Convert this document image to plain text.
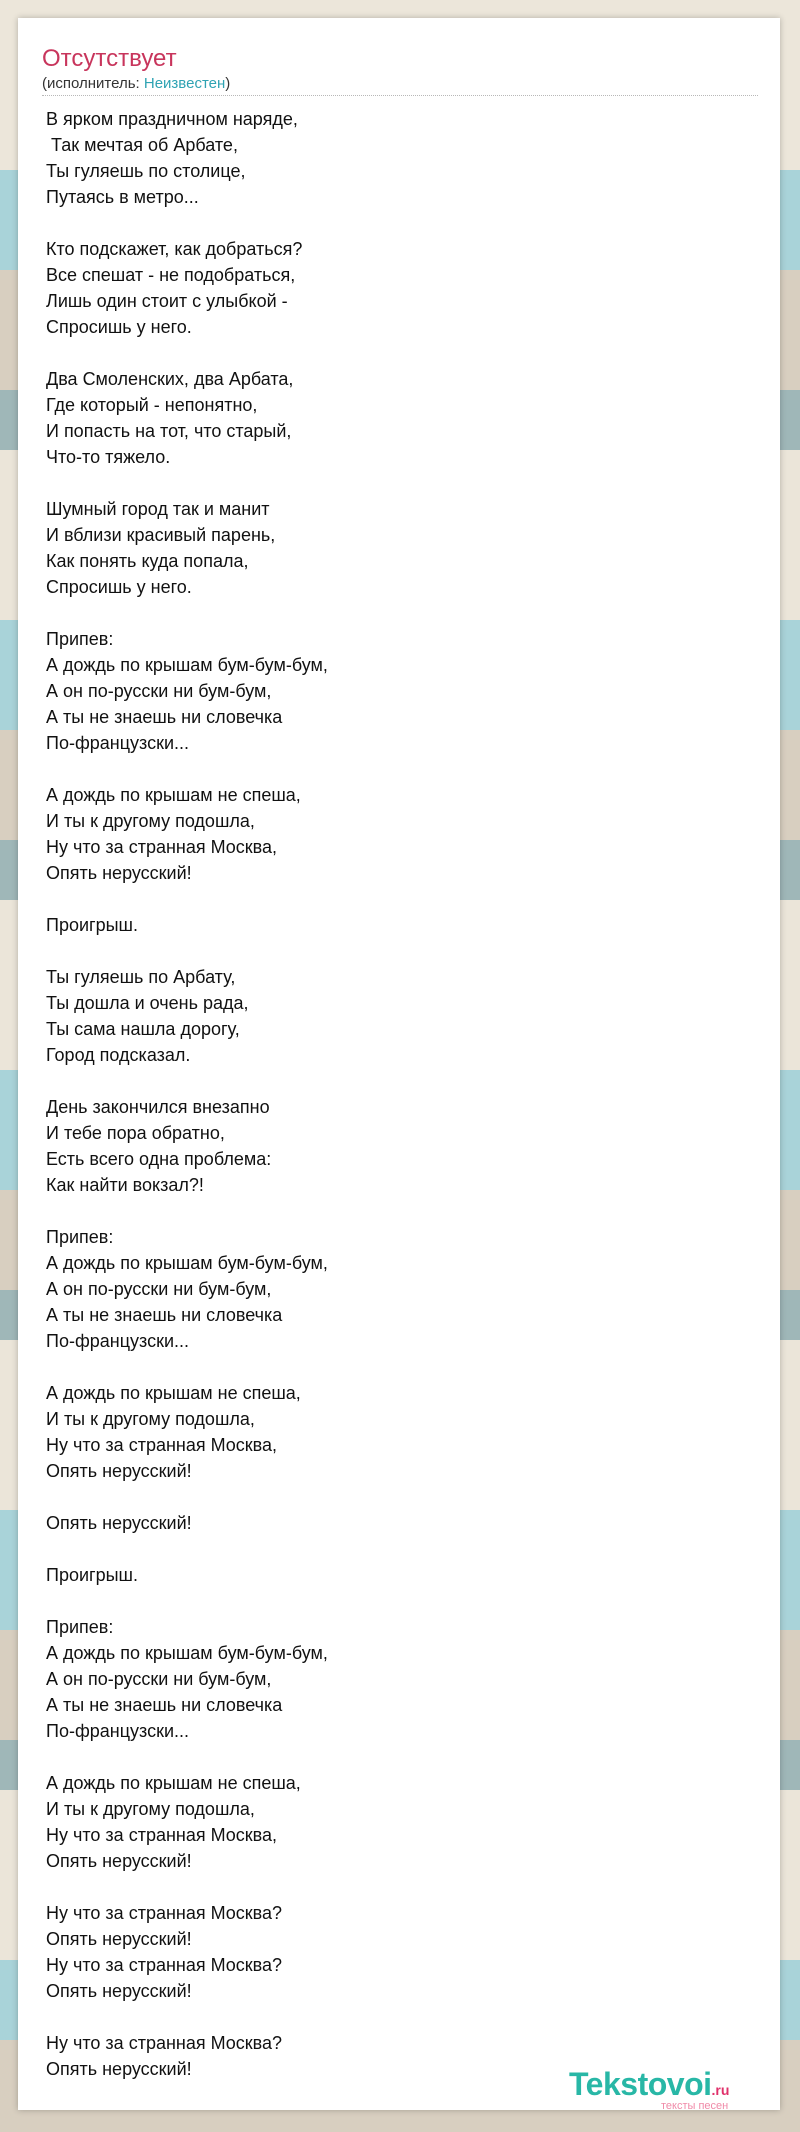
Отсутствует
(исполнитель: Неизвестен)
В ярком праздничном наряде,
Так мечтая об Арбате,
Ты гуляешь по столице,
Путаясь в метро...

Кто подскажет, как добраться?
Все спешат - не подобраться,
Лишь один стоит с улыбкой -
Спросишь у него.

Два Смоленских, два Арбата,
Где который - непонятно,
И попасть на тот, что старый,
Что-то тяжело.

Шумный город так и манит
И вблизи красивый парень,
Как понять куда попала,
Спросишь у него.

Припев:
А дождь по крышам бум-бум-бум,
А он по-русски ни бум-бум,
А ты не знаешь ни словечка
По-французски...

А дождь по крышам не спеша,
И ты к другому подошла,
Ну что за странная Москва,
Опять нерусский!

Проигрыш.

Ты гуляешь по Арбату,
Ты дошла и очень рада,
Ты сама нашла дорогу,
Город подсказал.

День закончился внезапно
И тебе пора обратно,
Есть всего одна проблема:
Как найти вокзал?!

Припев:
А дождь по крышам бум-бум-бум,
А он по-русски ни бум-бум,
А ты не знаешь ни словечка
По-французски...

А дождь по крышам не спеша,
И ты к другому подошла,
Ну что за странная Москва,
Опять нерусский!

Опять нерусский!

Проигрыш.

Припев:
А дождь по крышам бум-бум-бум,
А он по-русски ни бум-бум,
А ты не знаешь ни словечка
По-французски...

А дождь по крышам не спеша,
И ты к другому подошла,
Ну что за странная Москва,
Опять нерусский!

Ну что за странная Москва?
Опять нерусский!
Ну что за странная Москва?
Опять нерусский!

Ну что за странная Москва?
Опять нерусский!	Tekstovoi.ru
тексты песен
